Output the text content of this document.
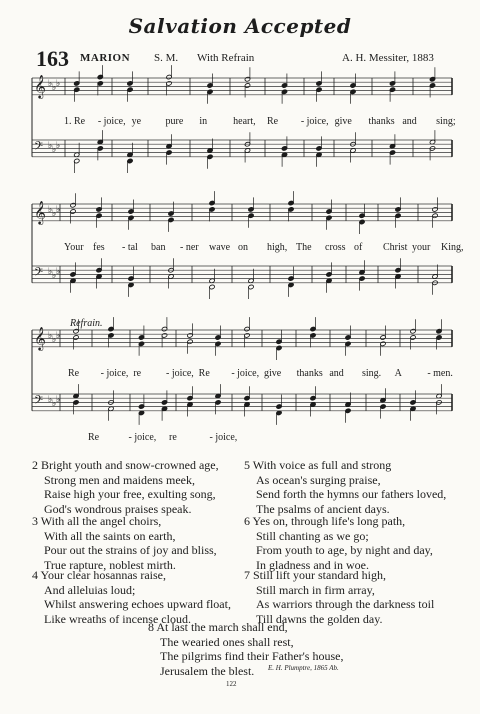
Salvation Accepted
163 MARION S. M. With Refrain	A. H. Messiter, 1883
𝄞 ♭ ♭ ♭
𝄢 ♭ ♭ ♭
𝄞 ♭ ♭ ♭
𝄢 ♭ ♭ ♭
𝄞 ♭ ♭ ♭
𝄢 ♭ ♭ ♭
1. Re - joice, ye pure in	heart, Re - joice, give thanks and sing;
Your fes - tal ban - ner wave on high, The cross of Christ your King,
Re - joice, re - joice, Re - joice, give thanks and sing. A	- men.
Re	- joice, re	- joice,
Refrain.
2 Bright youth and snow-crowned age,
Strong men and maidens meek,
Raise high your free, exulting song,
God's wondrous praises speak.
3 With all the angel choirs,
With all the saints on earth,
Pour out the strains of joy and bliss,
True rapture, noblest mirth.
4 Your clear hosannas raise,
And alleluias loud;
Whilst answering echoes upward float,
Like wreaths of incense cloud.
5 With voice as full and strong
As ocean's surging praise,
Send forth the hymns our fathers loved,
The psalms of ancient days.
6 Yes on, through life's long path,
Still chanting as we go;
From youth to age, by night and day,
In gladness and in woe.
7 Still lift your standard high,
Still march in firm array,
As warriors through the darkness toil
Till dawns the golden day.
8 At last the march shall end,
The wearied ones shall rest,
The pilgrims find their Father's house,
Jerusalem the blest.	E. H. Plumptre, 1865 Ab.
122
